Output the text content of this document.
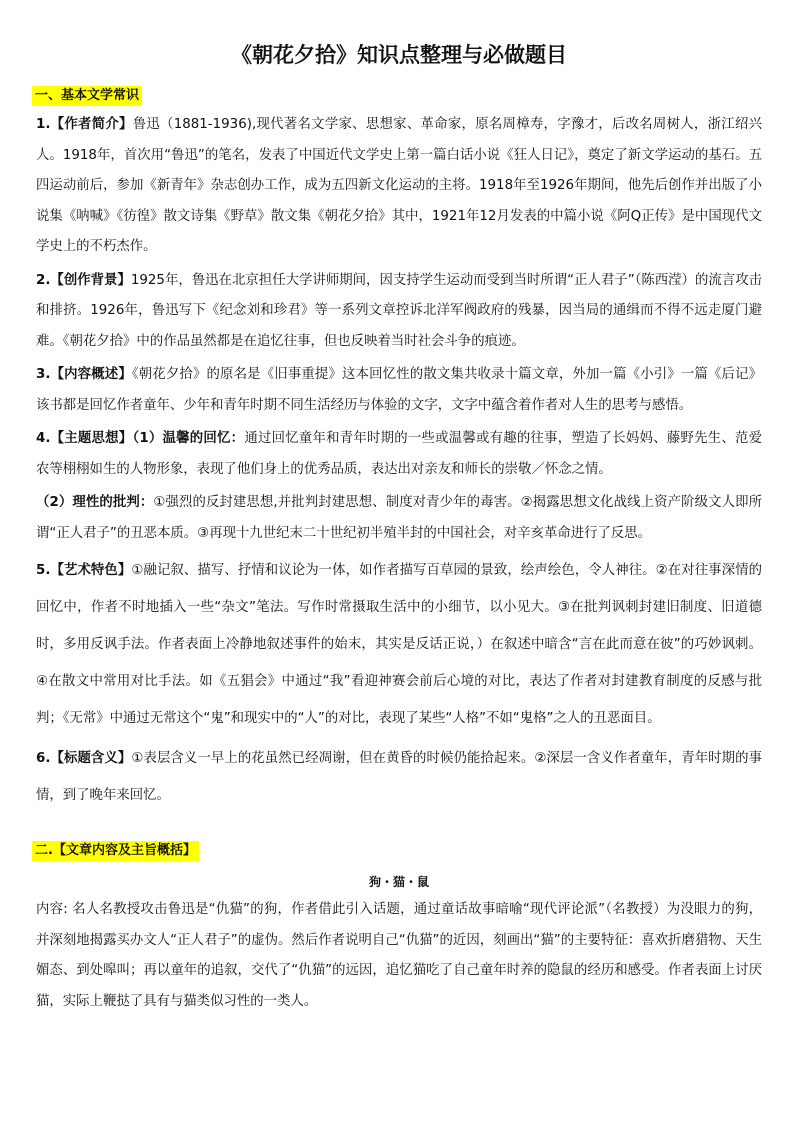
《朝花夕拾》知识点整理与必做题目
一、基本文学常识

1.【作者简介】鲁迅（1881-1936),现代著名文学家、思想家、革命家，原名周樟寿，字豫才，后改名周树人，浙江绍兴人。1918年，首次用“鲁迅”的笔名，发表了中国近代文学史上第一篇白话小说《狂人日记》，奠定了新文学运动的基石。五四运动前后，参加《新青年》杂志创办工作，成为五四新文化运动的主将。1918年至1926年期间，他先后创作并出版了小说集《呐喊》《彷徨》散文诗集《野草》散文集《朝花夕拾》其中，1921年12月发表的中篇小说《阿Q正传》是中国现代文学史上的不朽杰作。

2.【创作背景】1925年，鲁迅在北京担任大学讲师期间，因支持学生运动而受到当时所谓“正人君子”（陈西滢）的流言攻击和排挤。1926年，鲁迅写下《纪念刘和珍君》等一系列文章控诉北洋军阀政府的残暴，因当局的通缉而不得不远走厦门避难。《朝花夕拾》中的作品虽然都是在追忆往事，但也反映着当时社会斗争的痕迹。

3.【内容概述】《朝花夕拾》的原名是《旧事重提》这本回忆性的散文集共收录十篇文章，外加一篇《小引》一篇《后记》该书都是回忆作者童年、少年和青年时期不同生活经历与体验的文字，文字中蕴含着作者对人生的思考与感悟。

4.【主题思想】（1）温馨的回忆：通过回忆童年和青年时期的一些或温馨或有趣的往事，塑造了长妈妈、藤野先生、范爱农等栩栩如生的人物形象，表现了他们身上的优秀品质，表达出对亲友和师长的崇敬／怀念之情。

（2）理性的批判：①强烈的反封建思想,并批判封建思想、制度对青少年的毒害。②揭露思想文化战线上资产阶级文人即所谓“正人君子”的丑恶本质。③再现十九世纪末二十世纪初半殖半封的中国社会，对辛亥革命进行了反思。

5.【艺术特色】①融记叙、描写、抒情和议论为一体，如作者描写百草园的景致，绘声绘色，令人神往。②在对往事深情的回忆中，作者不时地插入一些“杂文”笔法。写作时常摄取生活中的小细节，以小见大。③在批判讽刺封建旧制度、旧道德时，多用反讽手法。作者表面上冷静地叙述事件的始末，其实是反话正说，）在叙述中暗含“言在此而意在彼”的巧妙讽刺。④在散文中常用对比手法。如《五猖会》中通过“我”看迎神赛会前后心境的对比，表达了作者对封建教育制度的反感与批判；《无常》中通过无常这个“鬼”和现实中的“人”的对比，表现了某些“人格”不如“鬼格”之人的丑恶面目。

6.【标题含义】①表层含义一早上的花虽然已经凋谢，但在黄昏的时候仍能拾起来。②深层一含义作者童年，青年时期的事情，到了晚年来回忆。

二.【文章内容及主旨概括】
狗・猫・鼠

内容: 名人名教授攻击鲁迅是“仇猫”的狗，作者借此引入话题，通过童话故事暗喻“现代评论派”（名教授）为没眼力的狗，并深刻地揭露买办文人“正人君子”的虚伪。然后作者说明自己“仇猫”的近因，刻画出“猫”的主要特征：喜欢折磨猎物、天生媚态、到处嗥叫；再以童年的追叙，交代了“仇猫”的远因，追忆猫吃了自己童年时养的隐鼠的经历和感受。作者表面上讨厌猫，实际上鞭挞了具有与猫类似习性的一类人。
